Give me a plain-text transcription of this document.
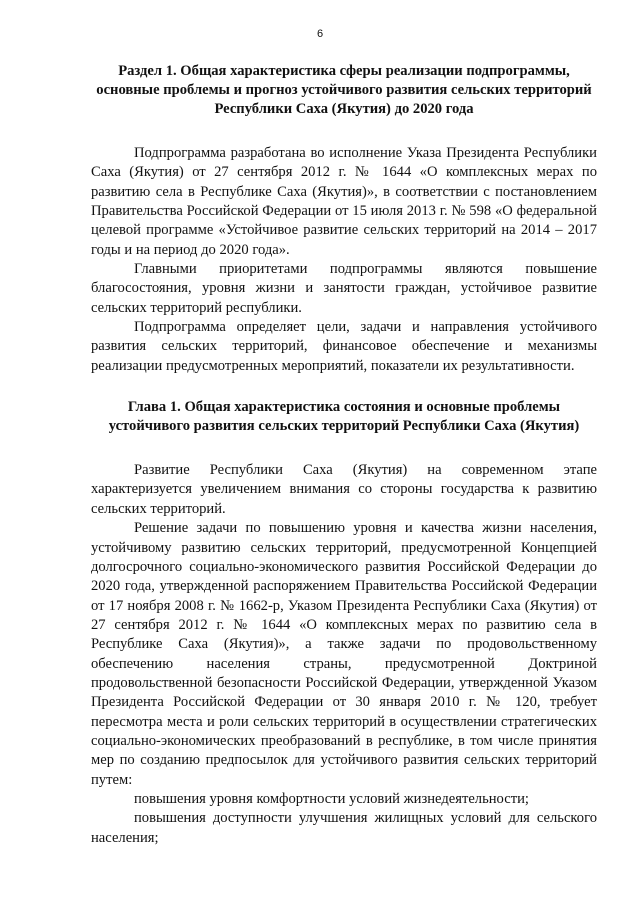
6
Раздел 1. Общая характеристика сферы реализации подпрограммы, основные проблемы и прогноз устойчивого развития сельских территорий Республики Саха (Якутия) до 2020 года

Подпрограмма разработана во исполнение Указа Президента Республики Саха (Якутия) от 27 сентября 2012 г. № 1644 «О комплексных мерах по развитию села в Республике Саха (Якутия)», в соответствии с постановлением Правительства Российской Федерации от 15 июля 2013 г. № 598 «О федеральной целевой программе «Устойчивое развитие сельских территорий на 2014 – 2017 годы и на период до 2020 года».

Главными приоритетами подпрограммы являются повышение благосостояния, уровня жизни и занятости граждан, устойчивое развитие сельских территорий республики.

Подпрограмма определяет цели, задачи и направления устойчивого развития сельских территорий, финансовое обеспечение и механизмы реализации предусмотренных мероприятий, показатели их результативности.

Глава 1. Общая характеристика состояния и основные проблемы устойчивого развития сельских территорий Республики Саха (Якутия)

Развитие Республики Саха (Якутия) на современном этапе характеризуется увеличением внимания со стороны государства к развитию сельских территорий.

Решение задачи по повышению уровня и качества жизни населения, устойчивому развитию сельских территорий, предусмотренной Концепцией долгосрочного социально-экономического развития Российской Федерации до 2020 года, утвержденной распоряжением Правительства Российской Федерации от 17 ноября 2008 г. № 1662-р, Указом Президента Республики Саха (Якутия) от 27 сентября 2012 г. № 1644 «О комплексных мерах по развитию села в Республике Саха (Якутия)», а также задачи по продовольственному обеспечению населения страны, предусмотренной Доктриной продовольственной безопасности Российской Федерации, утвержденной Указом Президента Российской Федерации от 30 января 2010 г. № 120, требует пересмотра места и роли сельских территорий в осуществлении стратегических социально-экономических преобразований в республике, в том числе принятия мер по созданию предпосылок для устойчивого развития сельских территорий путем:

повышения уровня комфортности условий жизнедеятельности;

повышения доступности улучшения жилищных условий для сельского населения;
